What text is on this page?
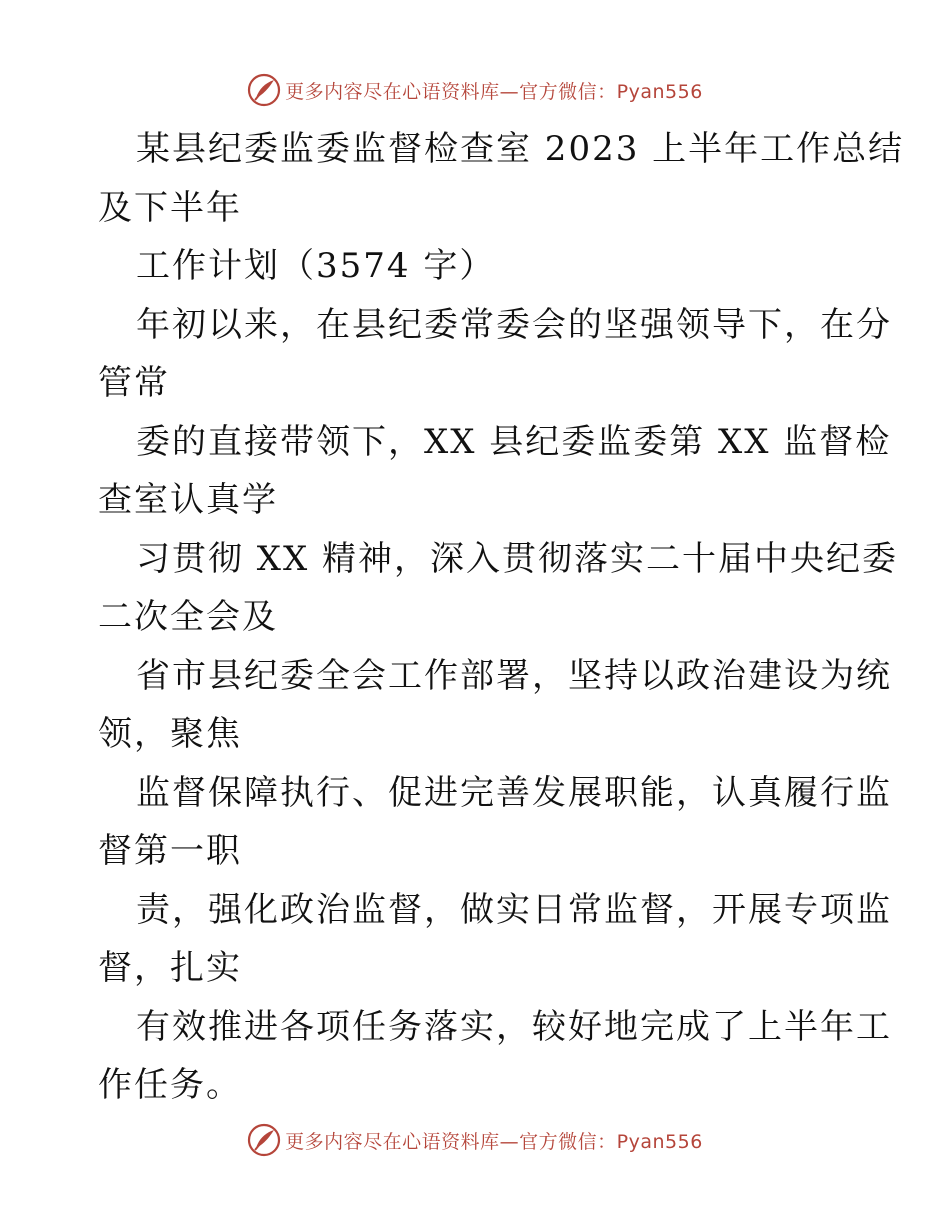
更多内容尽在心语资料库—官方微信：Pyan556
某县纪委监委监督检查室 2023 上半年工作总结
及下半年
工作计划（3574 字）
年初以来，在县纪委常委会的坚强领导下，在分
管常
委的直接带领下，XX 县纪委监委第 XX 监督检
查室认真学
习贯彻 XX 精神，深入贯彻落实二十届中央纪委
二次全会及
省市县纪委全会工作部署，坚持以政治建设为统
领，聚焦
监督保障执行、促进完善发展职能，认真履行监
督第一职
责，强化政治监督，做实日常监督，开展专项监
督，扎实
有效推进各项任务落实，较好地完成了上半年工
作任务。
更多内容尽在心语资料库—官方微信：Pyan556
